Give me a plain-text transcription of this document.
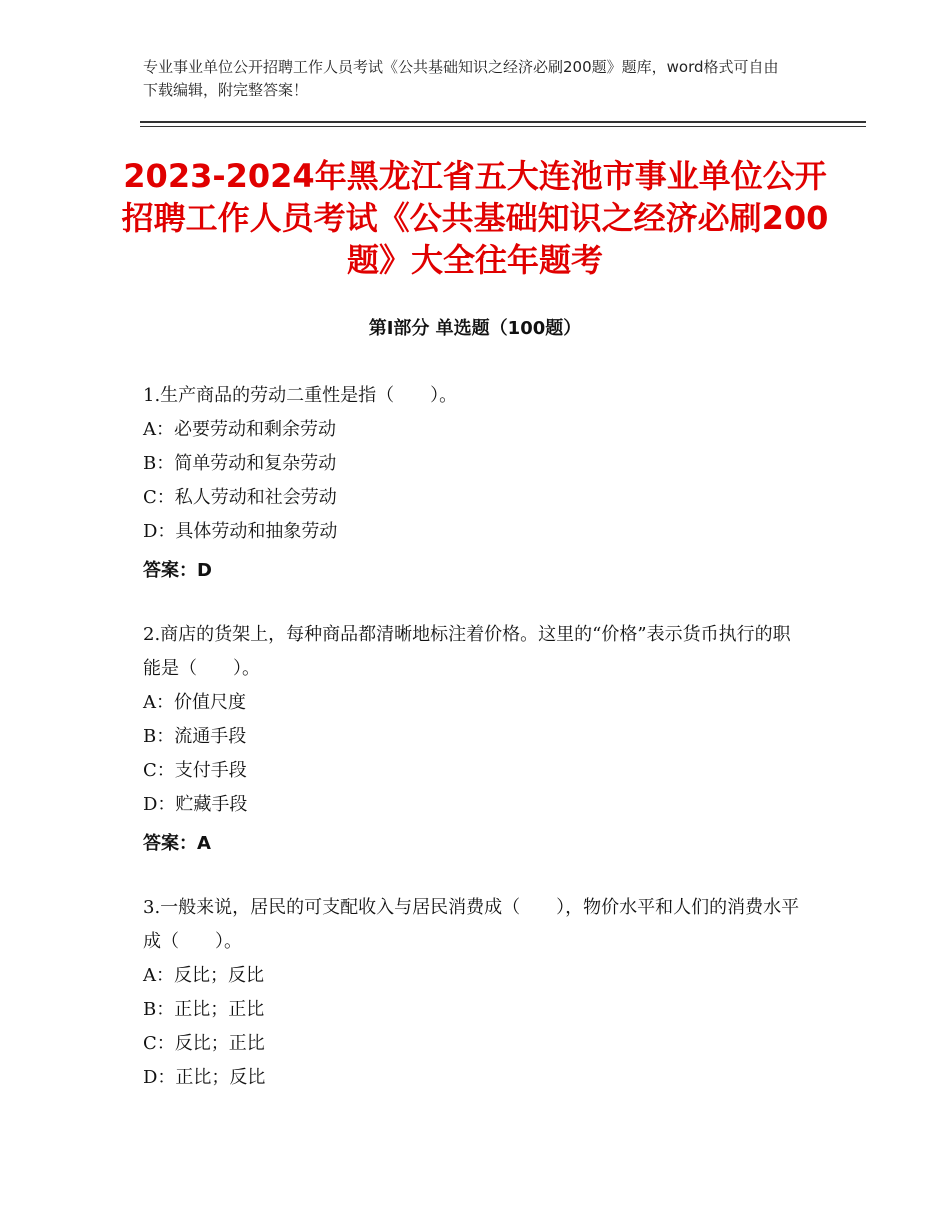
专业事业单位公开招聘工作人员考试《公共基础知识之经济必刷200题》题库，word格式可自由下载编辑，附完整答案！
2023-2024年黑龙江省五大连池市事业单位公开招聘工作人员考试《公共基础知识之经济必刷200题》大全往年题考
第Ⅰ部分 单选题（100题）
1.生产商品的劳动二重性是指（　　）。
A：必要劳动和剩余劳动
B：简单劳动和复杂劳动
C：私人劳动和社会劳动
D：具体劳动和抽象劳动
答案：D
2.商店的货架上，每种商品都清晰地标注着价格。这里的“价格”表示货币执行的职能是（　　）。
A：价值尺度
B：流通手段
C：支付手段
D：贮藏手段
答案：A
3.一般来说，居民的可支配收入与居民消费成（　　），物价水平和人们的消费水平成（　　）。
A：反比；反比
B：正比；正比
C：反比；正比
D：正比；反比
